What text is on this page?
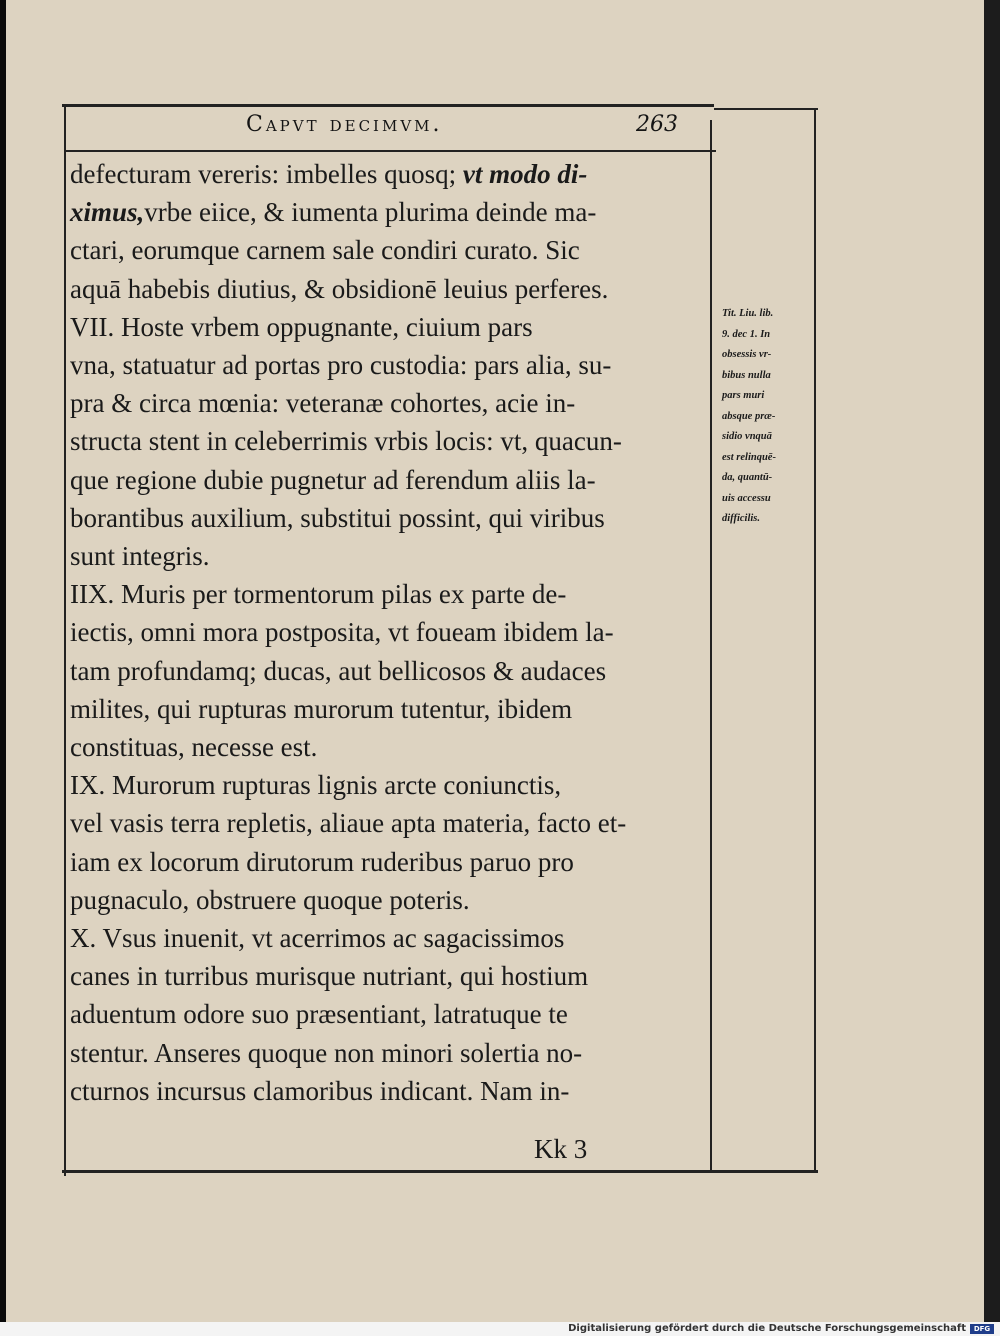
Capvt decimvm.	263
Kk 3
defecturam vereris: imbelles quosq; vt modo di-
ximus,vrbe eiice, & iumenta plurima deinde ma-
ctari, eorumque carnem sale condiri curato. Sic
aquā habebis diutius, & obsidionē leuius perferes.
VII. Hoste vrbem oppugnante, ciuium pars
vna, statuatur ad portas pro custodia: pars alia, su-
pra & circa mœnia: veteranæ cohortes, acie in-
structa stent in celeberrimis vrbis locis: vt, quacun-
que regione dubie pugnetur ad ferendum aliis la-
borantibus auxilium, substitui possint, qui viribus
sunt integris.
IIX. Muris per tormentorum pilas ex parte de-
iectis, omni mora postposita, vt foueam ibidem la-
tam profundamq; ducas, aut bellicosos & audaces
milites, qui rupturas murorum tutentur, ibidem
constituas, necesse est.
IX. Murorum rupturas lignis arcte coniunctis,
vel vasis terra repletis, aliaue apta materia, facto et-
iam ex locorum dirutorum ruderibus paruo pro
pugnaculo, obstruere quoque poteris.
X. Vsus inuenit, vt acerrimos ac sagacissimos
canes in turribus murisque nutriant, qui hostium
aduentum odore suo præsentiant, latratuque te
stentur. Anseres quoque non minori solertia no-
cturnos incursus clamoribus indicant. Nam in-
Tit. Liu. lib.
9. dec 1. In
obsessis vr-
bibus nulla
pars muri
absque præ-
sidio vnquā
est relinquē-
da, quantū-
uis accessu
difficilis.
Digitalisierung gefördert durch die Deutsche Forschungsgemeinschaft	DFG
